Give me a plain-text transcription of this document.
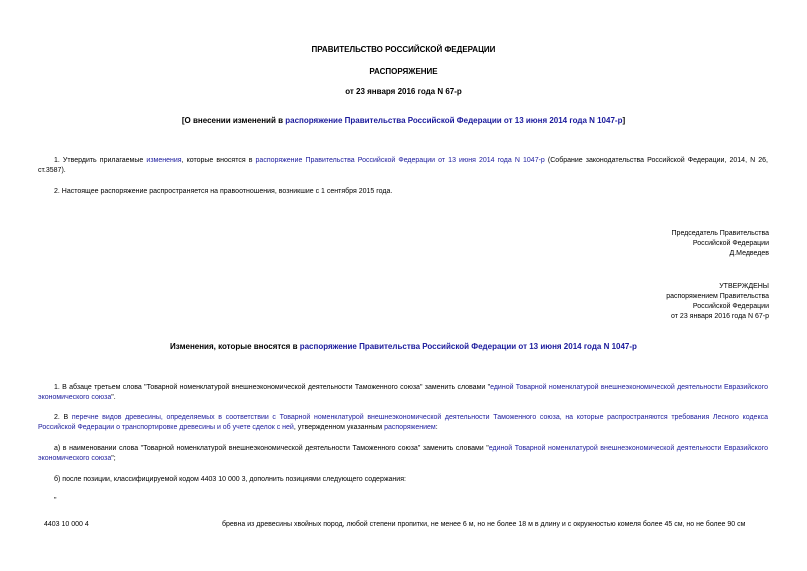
ПРАВИТЕЛЬСТВО РОССИЙСКОЙ ФЕДЕРАЦИИ
РАСПОРЯЖЕНИЕ
от 23 января 2016 года N 67-р
[О внесении изменений в распоряжение Правительства Российской Федерации от 13 июня 2014 года N 1047-р]
1. Утвердить прилагаемые изменения, которые вносятся в распоряжение Правительства Российской Федерации от 13 июня 2014 года N 1047-р (Собрание законодательства Российской Федерации, 2014, N 26, ст.3587).
2. Настоящее распоряжение распространяется на правоотношения, возникшие с 1 сентября 2015 года.
Председатель Правительства
Российской Федерации
Д.Медведев
УТВЕРЖДЕНЫ
распоряжением Правительства
Российской Федерации
от 23 января 2016 года N 67-р
Изменения, которые вносятся в распоряжение Правительства Российской Федерации от 13 июня 2014 года N 1047-р
1. В абзаце третьем слова "Товарной номенклатурой внешнеэкономической деятельности Таможенного союза" заменить словами "единой Товарной номенклатурой внешнеэкономической деятельности Евразийского экономического союза".
2. В перечне видов древесины, определяемых в соответствии с Товарной номенклатурой внешнеэкономической деятельности Таможенного союза, на которые распространяются требования Лесного кодекса Российской Федерации о транспортировке древесины и об учете сделок с ней, утвержденном указанным распоряжением:
а) в наименовании слова "Товарной номенклатурой внешнеэкономической деятельности Таможенного союза" заменить словами "единой Товарной номенклатурой внешнеэкономической деятельности Евразийского экономического союза";
б) после позиции, классифицируемой кодом 4403 10 000 3, дополнить позициями следующего содержания:
"
4403 10 000 4	бревна из древесины хвойных пород, любой степени пропитки, не менее 6 м, но не более 18 м в длину и с окружностью комеля более 45 см, но не более 90 см
